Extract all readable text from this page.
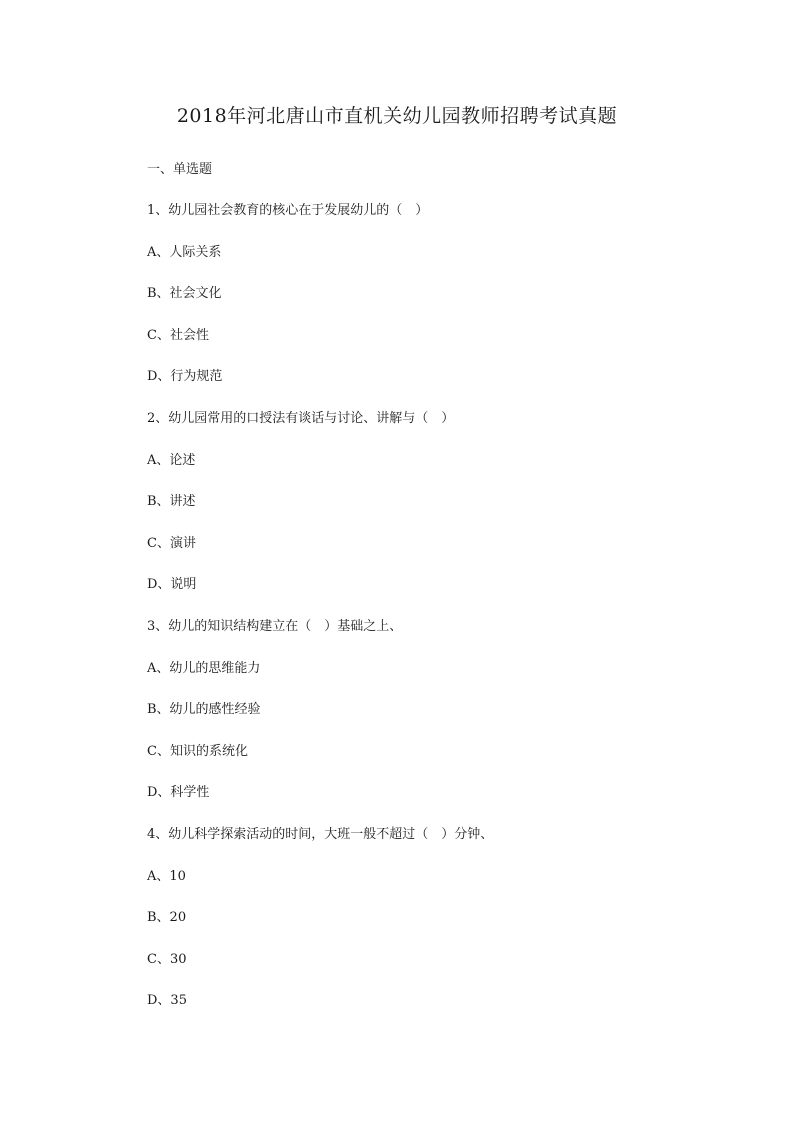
2018年河北唐山市直机关幼儿园教师招聘考试真题
一、单选题
1、幼儿园社会教育的核心在于发展幼儿的（　）
A、人际关系
B、社会文化
C、社会性
D、行为规范
2、幼儿园常用的口授法有谈话与讨论、讲解与（　）
A、论述
B、讲述
C、演讲
D、说明
3、幼儿的知识结构建立在（　）基础之上、
A、幼儿的思维能力
B、幼儿的感性经验
C、知识的系统化
D、科学性
4、幼儿科学探索活动的时间，大班一般不超过（　）分钟、
A、10
B、20
C、30
D、35
